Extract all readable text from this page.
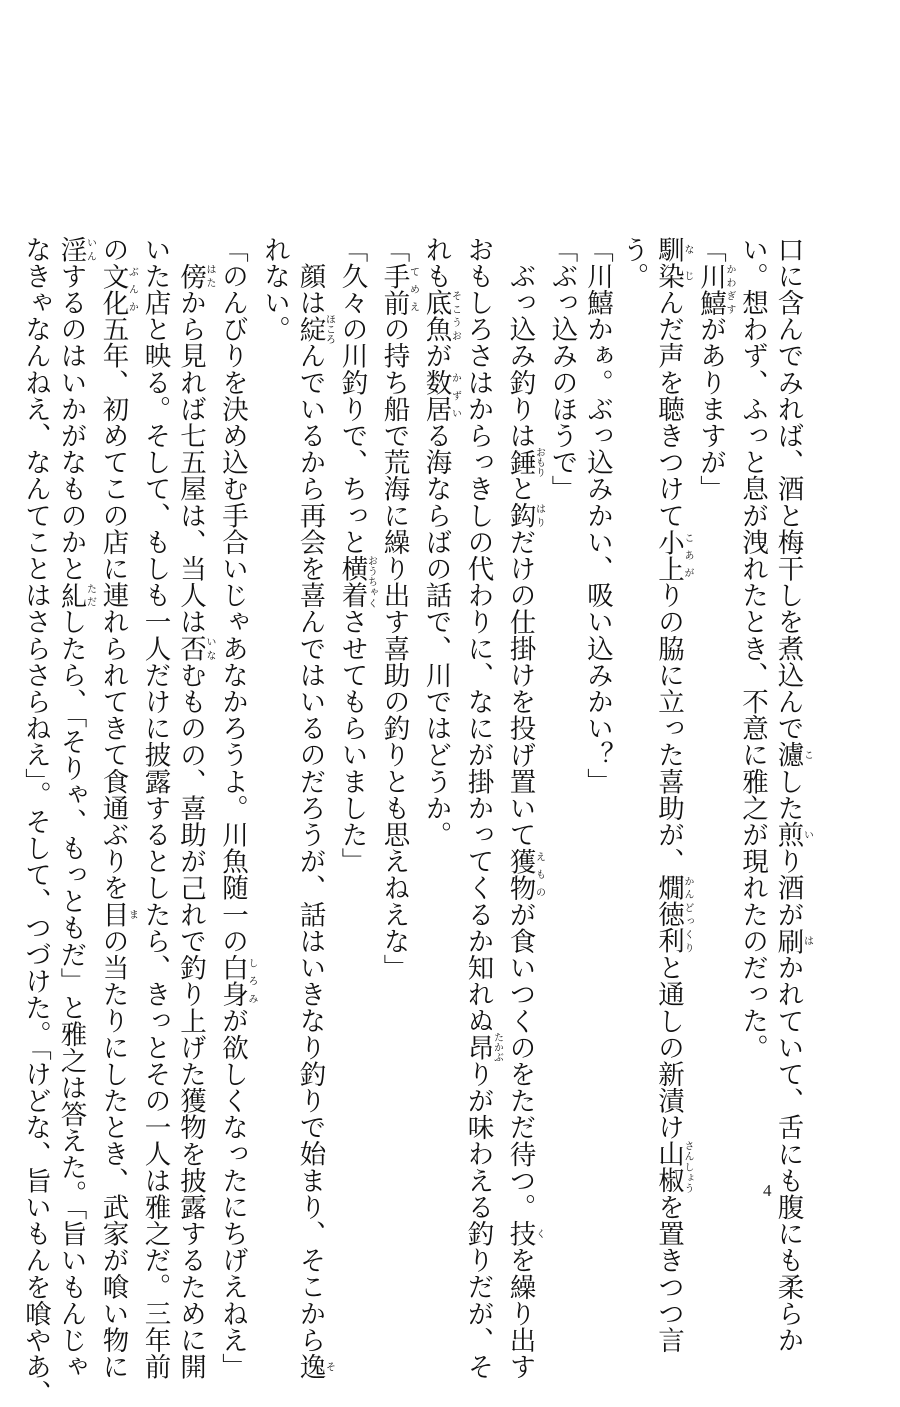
口に含んでみれば、酒と梅干しを煮込んで濾こした煎いり酒が刷はかれていて、舌にも腹にも柔らか
い。想わず、ふっと息が洩れたとき、不意に雅之が現れたのだった。
「川鱚かわぎすがありますが」
馴染なじんだ声を聴きつけて小上こあがりの脇に立った喜助が、燗徳利かんどっくりと通しの新漬け山椒さんしょうを置きつつ言
う。
「川鱚かぁ。ぶっ込みかい、吸い込みかい？」
「ぶっ込みのほうで」
　ぶっ込み釣りは錘おもりと鈎はりだけの仕掛けを投げ置いて獲物えものが食いつくのをただ待つ。技くを繰り出す
おもしろさはからっきしの代わりに、なにが掛かってくるか知れぬ昂たかぶりが味わえる釣りだが、そ
れも底魚そこうおが数居かずいる海ならばの話で、川ではどうか。
「手前てめえの持ち船で荒海に繰り出す喜助の釣りとも思えねえな」
「久々の川釣りで、ちっと横着おうちゃくさせてもらいました」
　顔は綻ほころんでいるから再会を喜んではいるのだろうが、話はいきなり釣りで始まり、そこから逸そ
れない。
「のんびりを決め込む手合いじゃあなかろうよ。川魚随一の白身しろみが欲しくなったにちげえねえ」
　傍はたから見れば七五屋は、当人は否いなむものの、喜助が己れで釣り上げた獲物を披露するために開
いた店と映る。そして、もしも一人だけに披露するとしたら、きっとその一人は雅之だ。三年前
の文化ぶんか五年、初めてこの店に連れられてきて食通ぶりを目まの当たりにしたとき、武家が喰い物に
淫いんするのはいかがなものかと糺ただしたら、「そりゃ、もっともだ」と雅之は答えた。「旨いもんじゃ
なきゃなんねえ、なんてことはさらさらねえ」。そして、つづけた。「けどな、旨いもんを喰やあ、	4
